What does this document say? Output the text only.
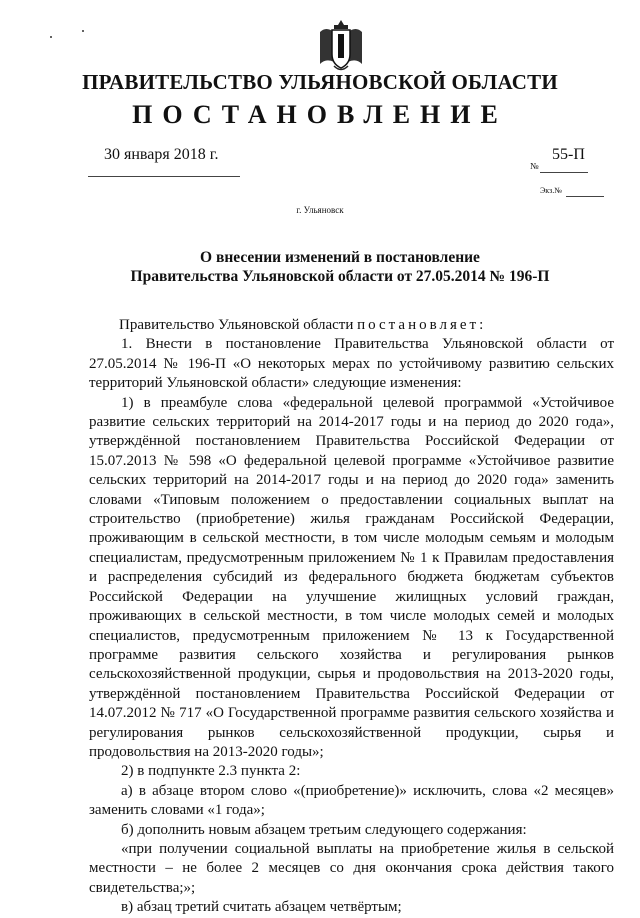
ПРАВИТЕЛЬСТВО УЛЬЯНОВСКОЙ ОБЛАСТИ
ПОСТАНОВЛЕНИЕ
30 января 2018 г.
№
55-П
Экз.№
г. Ульяновск
О внесении изменений в постановление
Правительства Ульяновской области от 27.05.2014 № 196-П

Правительство Ульяновской области постановляет:

1. Внести в постановление Правительства Ульяновской области от 27.05.2014 № 196-П «О некоторых мерах по устойчивому развитию сельских территорий Ульяновской области» следующие изменения:

1) в преамбуле слова «федеральной целевой программой «Устойчивое развитие сельских территорий на 2014-2017 годы и на период до 2020 года», утверждённой постановлением Правительства Российской Федерации от 15.07.2013 № 598 «О федеральной целевой программе «Устойчивое развитие сельских территорий на 2014-2017 годы и на период до 2020 года» заменить словами «Типовым положением о предоставлении социальных выплат на строительство (приобретение) жилья гражданам Российской Федерации, проживающим в сельской местности, в том числе молодым семьям и молодым специалистам, предусмотренным приложением № 1 к Правилам предоставления и распределения субсидий из федерального бюджета бюджетам субъектов Российской Федерации на улучшение жилищных условий граждан, проживающих в сельской местности, в том числе молодых семей и молодых специалистов, предусмотренным приложением № 13 к Государственной программе развития сельского хозяйства и регулирования рынков сельскохозяйственной продукции, сырья и продовольствия на 2013-2020 годы, утверждённой постановлением Правительства Российской Федерации от 14.07.2012 № 717 «О Государственной программе развития сельского хозяйства и регулирования рынков сельскохозяйственной продукции, сырья и продовольствия на 2013-2020 годы»;

2) в подпункте 2.3 пункта 2:

а) в абзаце втором слово «(приобретение)» исключить, слова «2 месяцев» заменить словами «1 года»;

б) дополнить новым абзацем третьим следующего содержания:

«при получении социальной выплаты на приобретение жилья в сельской местности – не более 2 месяцев со дня окончания срока действия такого свидетельства;»;

в) абзац третий считать абзацем четвёртым;
